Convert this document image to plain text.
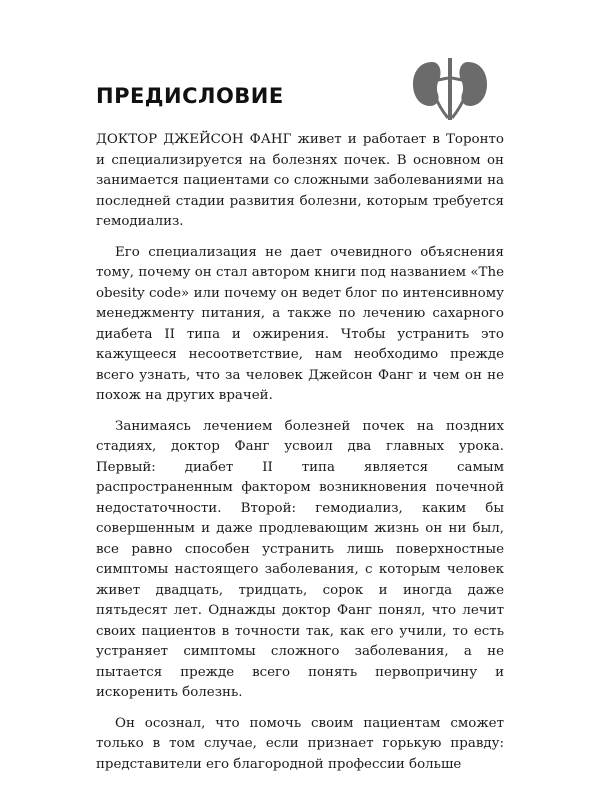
ПРЕДИСЛОВИЕ

ДОКТОР ДЖЕЙСОН ФАНГ живет и работает в Торонто и специализируется на болезнях почек. В основном он занимается пациентами со сложными заболеваниями на последней стадии развития болезни, которым требуется гемодиализ.

Его специализация не дает очевидного объяснения тому, почему он стал автором книги под названием «The obesity code» или почему он ведет блог по интенсивному менеджменту питания, а также по лечению сахарного диабета II типа и ожирения. Чтобы устранить это кажущееся несоответствие, нам необходимо прежде всего узнать, что за человек Джейсон Фанг и чем он не похож на других врачей.

Занимаясь лечением болезней почек на поздних стадиях, доктор Фанг усвоил два главных урока. Первый: диабет II типа является самым распространенным фактором возникновения почечной недостаточности. Второй: гемодиализ, каким бы совершенным и даже продлевающим жизнь он ни был, все равно способен устранить лишь поверхностные симптомы настоящего заболевания, с которым человек живет двадцать, тридцать, сорок и иногда даже пятьдесят лет. Однажды доктор Фанг понял, что лечит своих пациентов в точности так, как его учили, то есть устраняет симптомы сложного заболевания, а не пытается прежде всего понять первопричину и искоренить болезнь.

Он осознал, что помочь своим пациентам сможет только в том случае, если признает горькую правду: представители его благородной профессии больше
